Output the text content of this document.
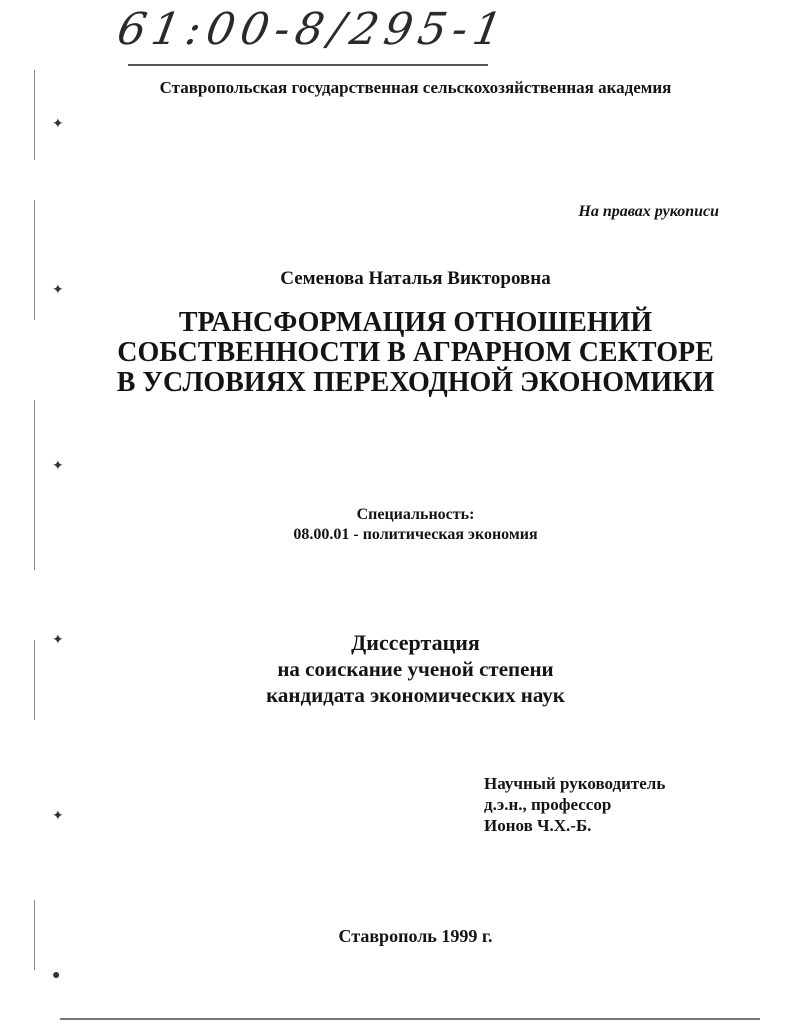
61:00-8/295-1
Ставропольская государственная сельскохозяйственная академия
На правах рукописи
Семенова Наталья Викторовна
ТРАНСФОРМАЦИЯ ОТНОШЕНИЙ
СОБСТВЕННОСТИ В АГРАРНОМ СЕКТОРЕ
В УСЛОВИЯХ ПЕРЕХОДНОЙ ЭКОНОМИКИ
Специальность:
08.00.01 - политическая экономия
Диссертация
на соискание ученой степени
кандидата экономических наук
Научный руководитель
д.э.н., профессор
Ионов Ч.Х.-Б.
Ставрополь 1999 г.
✦
✦
✦
✦
✦
●
